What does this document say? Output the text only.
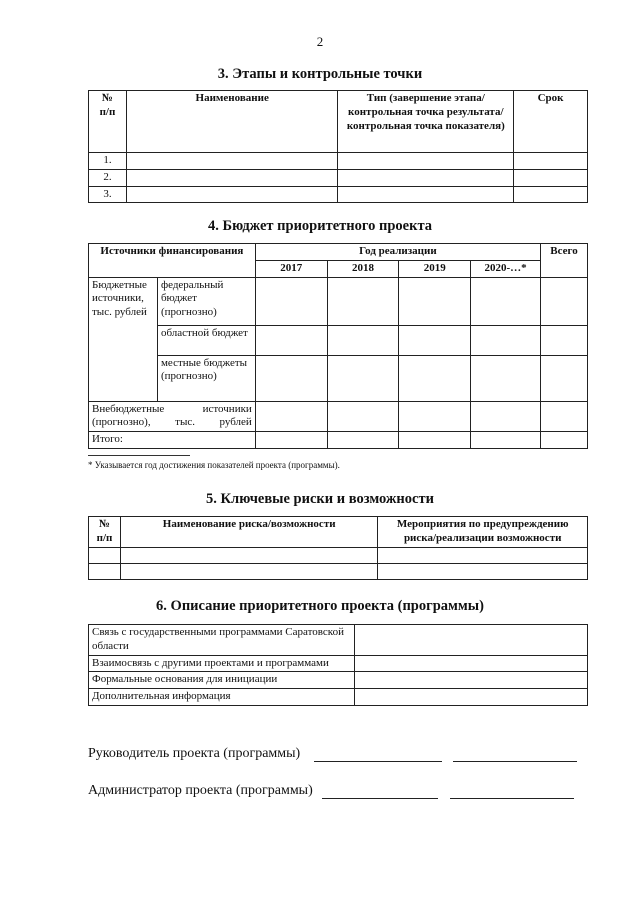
2
3. Этапы и контрольные точки
№
п/п	Наименование	Тип (завершение этапа/контрольная точка результата/контрольная точка показателя)	Срок
1.			
2.			
3.			
4. Бюджет приоритетного проекта
Источники финансирования		Год реализации				Всего
		2017	2018	2019	2020-…*	
Бюджетные источники, тыс. рублей	федеральный бюджет (прогнозно)					
	областной бюджет					
	местные бюджеты (прогнозно)					
Внебюджетные источники (прогнозно), тыс. рублей						
Итого:						
* Указывается год достижения показателей проекта (программы).
5. Ключевые риски и возможности
№
п/п	Наименование риска/возможности	Мероприятия по предупреждению риска/реализации возможности

6. Описание приоритетного проекта (программы)
Связь с государственными программами Саратовской области	
Взаимосвязь с другими проектами и программами	
Формальные основания для инициации	
Дополнительная информация	
Руководитель проекта (программы)
Администратор проекта (программы)
